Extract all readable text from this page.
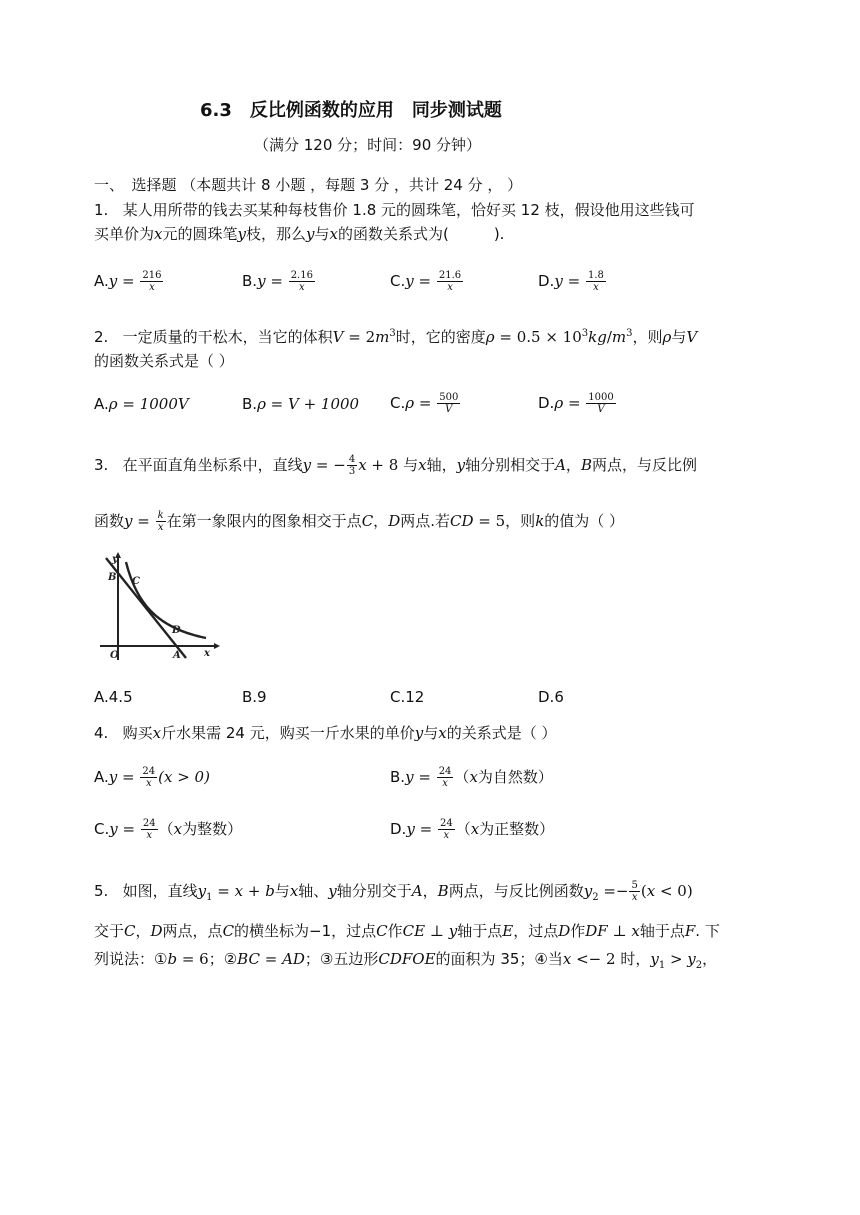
6.3　反比例函数的应用　同步测试题
（满分 120 分；时间：90 分钟）
一、　选择题 （本题共计 8 小题 ，每题 3 分 ，共计 24 分 ， ）
1. 某人用所带的钱去买某种每枝售价 1.8 元的圆珠笔，恰好买 12 枝，假设他用这些钱可
买单价为x元的圆珠笔y枝，那么y与x的函数关系式为(　　　).
$A.y = \frac{216}{x}$	$B.y = \frac{2.16}{x}$	$C.y = \frac{21.6}{x}$	$D.y = \frac{1.8}{x}$
2. 一定质量的干松木，当它的体积$V = 2m^3$时，它的密度$\rho = 0.5 \times 10^3kg/m^3$，则ρ与V
的函数关系式是（ ）
A.ρ = 1000V	B.ρ = V + 1000 $C.\rho = \frac{500}{V}$	$D.\rho = \frac{1000}{V}$
3. 在平面直角坐标系中，直线y = − $\frac{4}{3}$ x + 8 与x轴，y轴分别相交于A，B两点，与反比例
函数$y = \frac{k}{x}$ 在第一象限内的图象相交于点C，D两点.若CD = 5，则k的值为（ ）
y
B C
D
O	A x
A.4.5	B.9	C.12	D.6
4. 购买x斤水果需 24 元，购买一斤水果的单价y与x的关系式是（ ）
$A.y = \frac{24}{x} (x > 0)$	$B.y = \frac{24}{x} (x$为自然数）
$C.y = \frac{24}{x} (x$为整数）	$D.y = \frac{24}{x} (x$为正整数）
5. 如图，直线$y_1 = x + b$与x轴、y轴分别交于A，B两点，与反比例函数$y_2 =- \frac{5}{x} (x < 0)$
交于C，D两点，点C的横坐标为−1，过点C作CE ⊥ y轴于点E，过点D作DF ⊥ x轴于点F. 下
列说法：①b = 6；②BC = AD；③五边形CDFOE的面积为 35；④当x <− 2 时，$y_1 > y_2$，
